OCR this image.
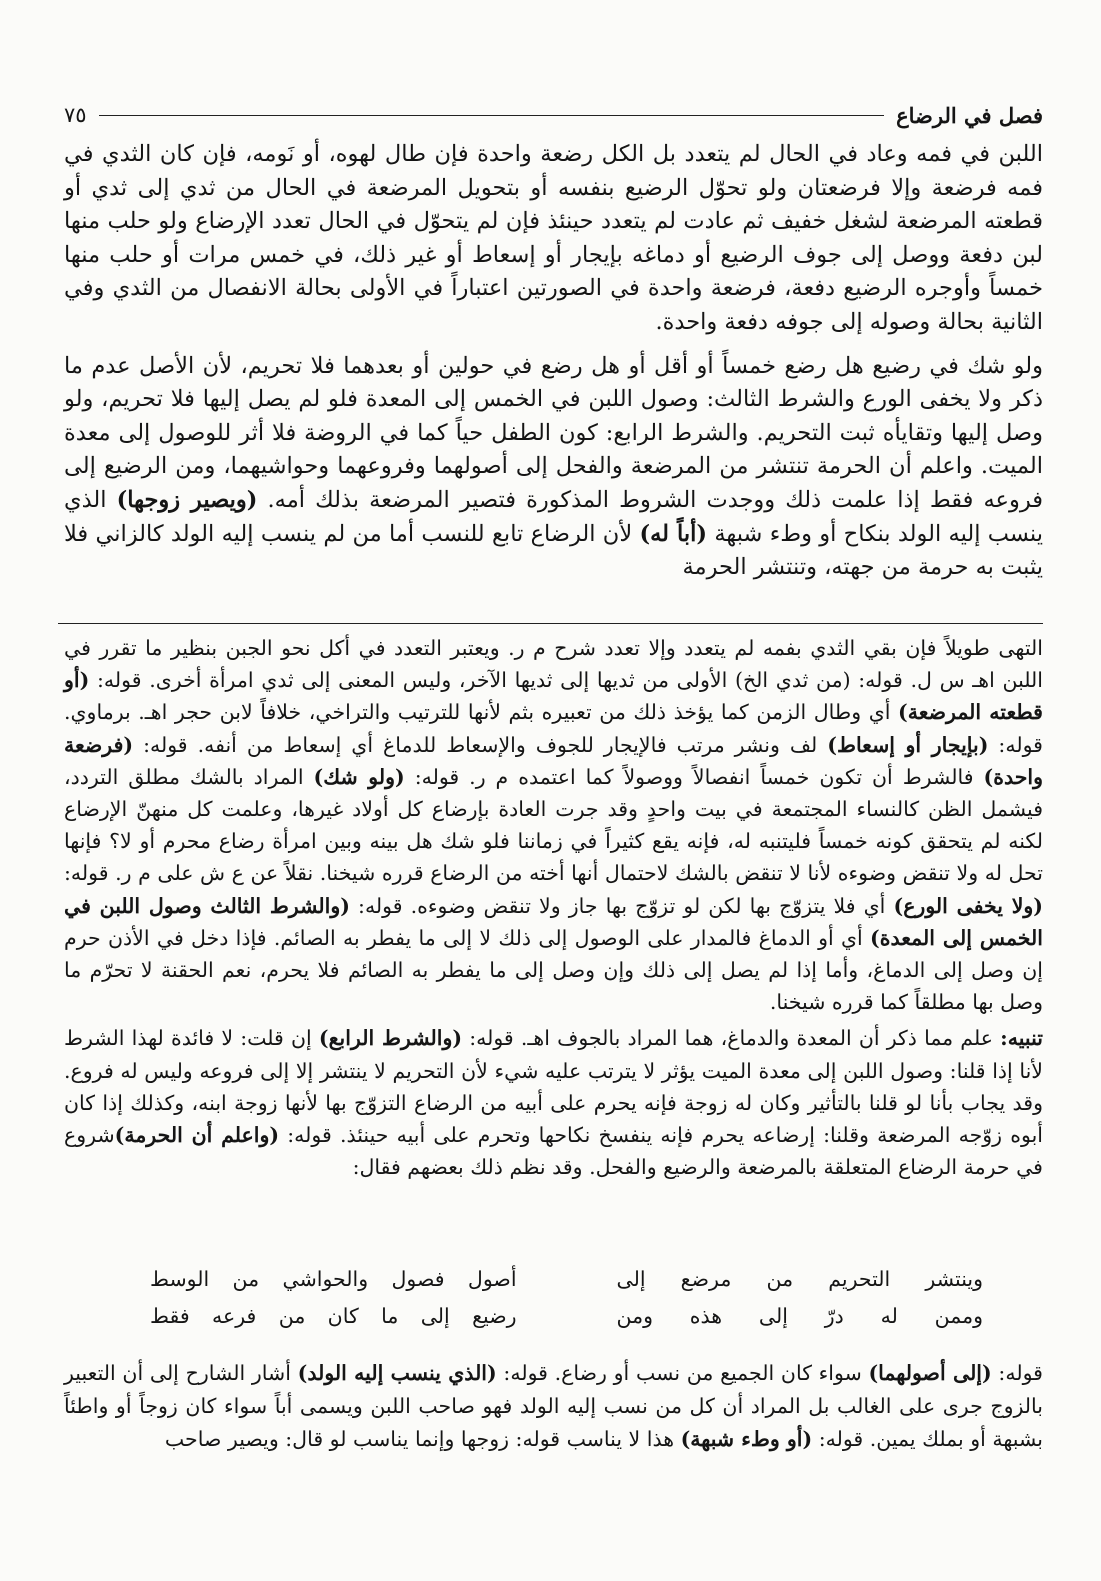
فصل في الرضاع
٧٥

اللبن في فمه وعاد في الحال لم يتعدد بل الكل رضعة واحدة فإن طال لهوه، أو نَومه، فإن كان الثدي في فمه فرضعة وإلا فرضعتان ولو تحوّل الرضيع بنفسه أو بتحويل المرضعة في الحال من ثدي إلى ثدي أو قطعته المرضعة لشغل خفيف ثم عادت لم يتعدد حينئذ فإن لم يتحوّل في الحال تعدد الإرضاع ولو حلب منها لبن دفعة ووصل إلى جوف الرضيع أو دماغه بإيجار أو إسعاط أو غير ذلك، في خمس مرات أو حلب منها خمساً وأوجره الرضيع دفعة، فرضعة واحدة في الصورتين اعتباراً في الأولى بحالة الانفصال من الثدي وفي الثانية بحالة وصوله إلى جوفه دفعة واحدة.

ولو شك في رضيع هل رضع خمساً أو أقل أو هل رضع في حولين أو بعدهما فلا تحريم، لأن الأصل عدم ما ذكر ولا يخفى الورع والشرط الثالث: وصول اللبن في الخمس إلى المعدة فلو لم يصل إليها فلا تحريم، ولو وصل إليها وتقايأه ثبت التحريم. والشرط الرابع: كون الطفل حياً كما في الروضة فلا أثر للوصول إلى معدة الميت. واعلم أن الحرمة تنتشر من المرضعة والفحل إلى أصولهما وفروعهما وحواشيهما، ومن الرضيع إلى فروعه فقط إذا علمت ذلك ووجدت الشروط المذكورة فتصير المرضعة بذلك أمه. (ويصير زوجها) الذي ينسب إليه الولد بنكاح أو وطء شبهة (أباً له) لأن الرضاع تابع للنسب أما من لم ينسب إليه الولد كالزاني فلا يثبت به حرمة من جهته، وتنتشر الحرمة

التهى طويلاً فإن بقي الثدي بفمه لم يتعدد وإلا تعدد شرح م ر. ويعتبر التعدد في أكل نحو الجبن بنظير ما تقرر في اللبن اهـ س ل. قوله: (من ثدي الخ) الأولى من ثديها إلى ثديها الآخر، وليس المعنى إلى ثدي امرأة أخرى. قوله: (أو قطعته المرضعة) أي وطال الزمن كما يؤخذ ذلك من تعبيره بثم لأنها للترتيب والتراخي، خلافاً لابن حجر اهـ. برماوي. قوله: (بإيجار أو إسعاط) لف ونشر مرتب فالإيجار للجوف والإسعاط للدماغ أي إسعاط من أنفه. قوله: (فرضعة واحدة) فالشرط أن تكون خمساً انفصالاً ووصولاً كما اعتمده م ر. قوله: (ولو شك) المراد بالشك مطلق التردد، فيشمل الظن كالنساء المجتمعة في بيت واحدٍ وقد جرت العادة بإرضاع كل أولاد غيرها، وعلمت كل منهنّ الإرضاع لكنه لم يتحقق كونه خمساً فليتنبه له، فإنه يقع كثيراً في زماننا فلو شك هل بينه وبين امرأة رضاع محرم أو لا؟ فإنها تحل له ولا تنقض وضوءه لأنا لا تنقض بالشك لاحتمال أنها أخته من الرضاع قرره شيخنا. نقلاً عن ع ش على م ر. قوله: (ولا يخفى الورع) أي فلا يتزوّج بها لكن لو تزوّج بها جاز ولا تنقض وضوءه. قوله: (والشرط الثالث وصول اللبن في الخمس إلى المعدة) أي أو الدماغ فالمدار على الوصول إلى ذلك لا إلى ما يفطر به الصائم. فإذا دخل في الأذن حرم إن وصل إلى الدماغ، وأما إذا لم يصل إلى ذلك وإن وصل إلى ما يفطر به الصائم فلا يحرم، نعم الحقنة لا تحرّم ما وصل بها مطلقاً كما قرره شيخنا.

تنبيه: علم مما ذكر أن المعدة والدماغ، هما المراد بالجوف اهـ. قوله: (والشرط الرابع) إن قلت: لا فائدة لهذا الشرط لأنا إذا قلنا: وصول اللبن إلى معدة الميت يؤثر لا يترتب عليه شيء لأن التحريم لا ينتشر إلا إلى فروعه وليس له فروع. وقد يجاب بأنا لو قلنا بالتأثير وكان له زوجة فإنه يحرم على أبيه من الرضاع التزوّج بها لأنها زوجة ابنه، وكذلك إذا كان أبوه زوّجه المرضعة وقلنا: إرضاعه يحرم فإنه ينفسخ نكاحها وتحرم على أبيه حينئذ. قوله: (واعلم أن الحرمة)شروع في حرمة الرضاع المتعلقة بالمرضعة والرضيع والفحل. وقد نظم ذلك بعضهم فقال:

وينتشر التحريم من مرضع إلى
أصول فصول والحواشي من الوسط
وممن له درّ إلى هذه ومن
رضيع إلى ما كان من فرعه فقط

قوله: (إلى أصولهما) سواء كان الجميع من نسب أو رضاع. قوله: (الذي ينسب إليه الولد) أشار الشارح إلى أن التعبير بالزوج جرى على الغالب بل المراد أن كل من نسب إليه الولد فهو صاحب اللبن ويسمى أباً سواء كان زوجاً أو واطئاً بشبهة أو بملك يمين. قوله: (أو وطء شبهة) هذا لا يناسب قوله: زوجها وإنما يناسب لو قال: ويصير صاحب
